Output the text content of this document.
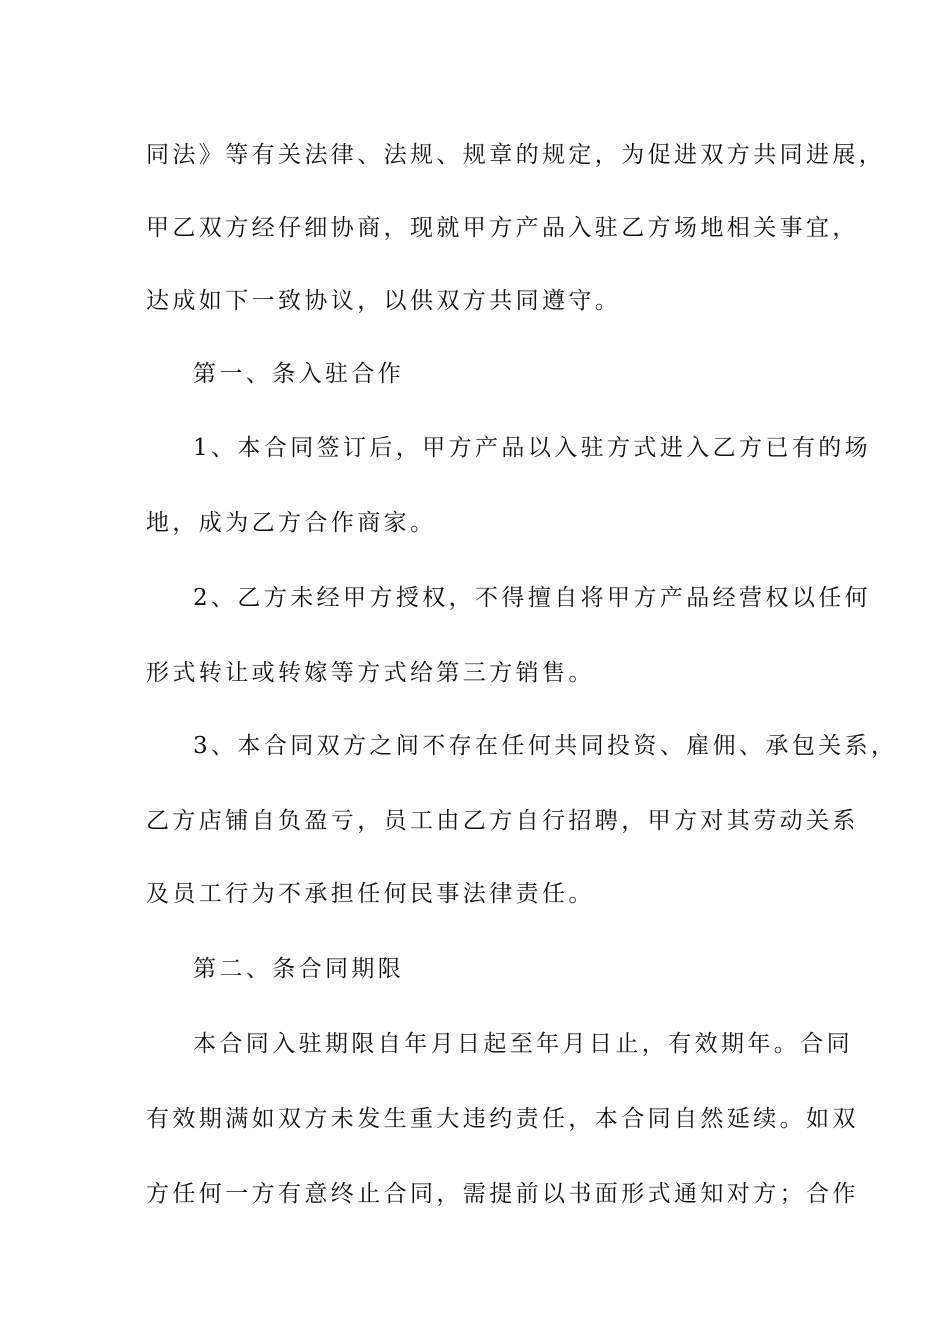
同法》等有关法律、法规、规章的规定，为促进双方共同进展，
甲乙双方经仔细协商，现就甲方产品入驻乙方场地相关事宜，
达成如下一致协议，以供双方共同遵守。
第一、条入驻合作
1、本合同签订后，甲方产品以入驻方式进入乙方已有的场
地，成为乙方合作商家。
2、乙方未经甲方授权，不得擅自将甲方产品经营权以任何
形式转让或转嫁等方式给第三方销售。
3、本合同双方之间不存在任何共同投资、雇佣、承包关系，
乙方店铺自负盈亏，员工由乙方自行招聘，甲方对其劳动关系
及员工行为不承担任何民事法律责任。
第二、条合同期限
本合同入驻期限自年月日起至年月日止，有效期年。合同
有效期满如双方未发生重大违约责任，本合同自然延续。如双
方任何一方有意终止合同，需提前以书面形式通知对方；合作
